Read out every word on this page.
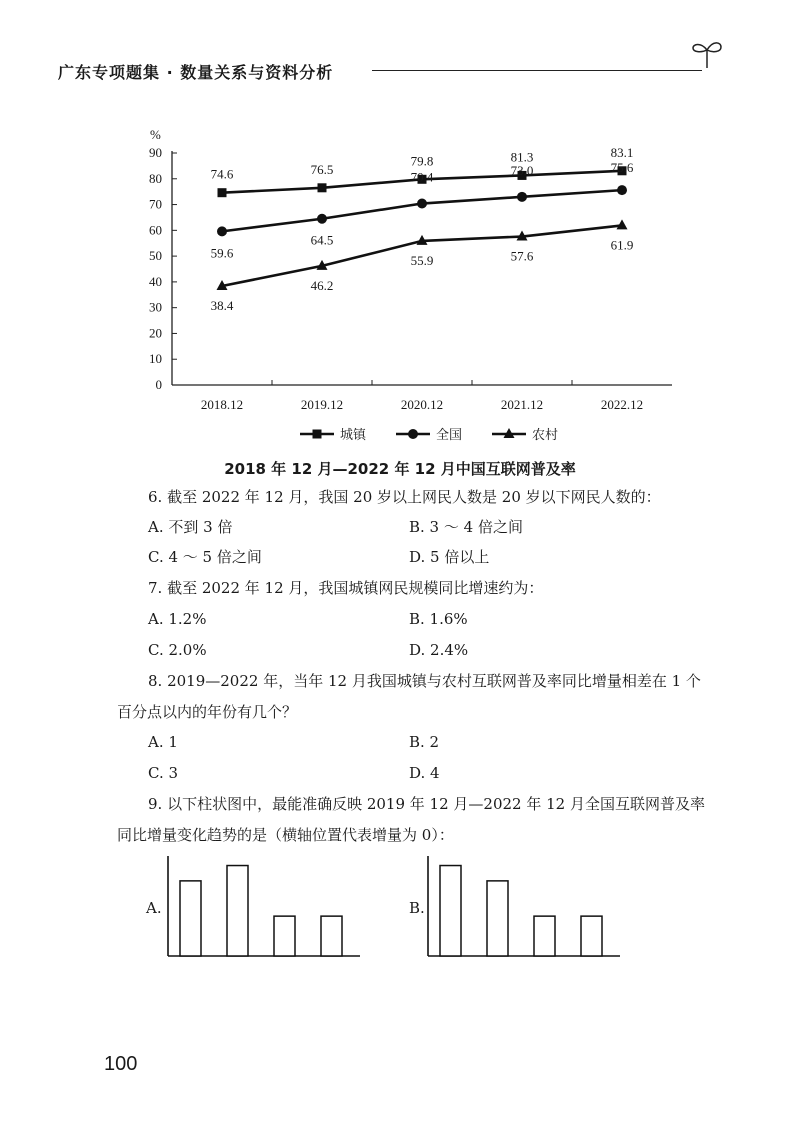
广东专项题集 · 数量关系与资料分析
%
0
10
20
30
40
50
60
70
80
90
2018.12	2019.12	2020.12	2021.12	2022.12
74.6	76.5
79.8	81.3	83.1
59.6
64.5
70.4	73.0	75.6
38.4
46.2
55.9	57.6
61.9
城镇	全国	农村
2018 年 12 月—2022 年 12 月中国互联网普及率
6. 截至 2022 年 12 月，我国 20 岁以上网民人数是 20 岁以下网民人数的：
A. 不到 3 倍	B. 3 ～ 4 倍之间
C. 4 ～ 5 倍之间	D. 5 倍以上
7. 截至 2022 年 12 月，我国城镇网民规模同比增速约为：
A. 1.2%	B. 1.6%
C. 2.0%	D. 2.4%
8. 2019—2022 年，当年 12 月我国城镇与农村互联网普及率同比增量相差在 1 个
百分点以内的年份有几个？
A. 1	B. 2
C. 3	D. 4
9. 以下柱状图中，最能准确反映 2019 年 12 月—2022 年 12 月全国互联网普及率
同比增量变化趋势的是（横轴位置代表增量为 0）：
A.	B.
100
